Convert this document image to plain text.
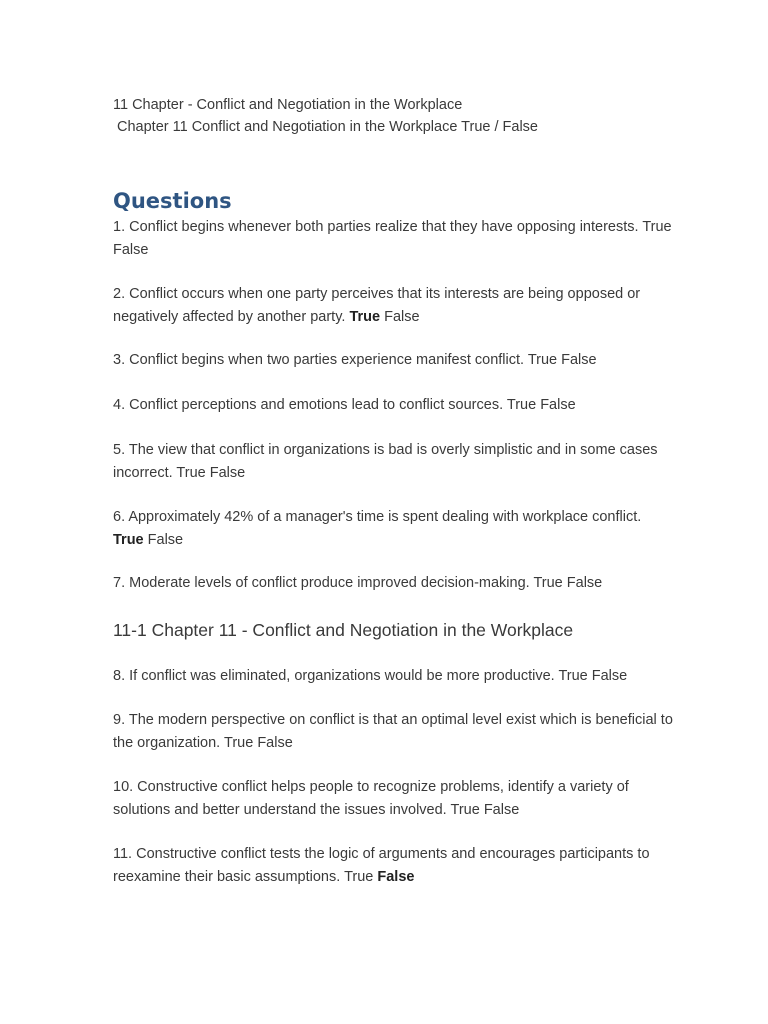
11 Chapter - Conflict and Negotiation in the Workplace
Chapter 11 Conflict and Negotiation in the Workplace True / False
Questions
1. Conflict begins whenever both parties realize that they have opposing interests. True False
2. Conflict occurs when one party perceives that its interests are being opposed or negatively affected by another party. True False
3. Conflict begins when two parties experience manifest conflict. True False
4. Conflict perceptions and emotions lead to conflict sources. True False
5. The view that conflict in organizations is bad is overly simplistic and in some cases incorrect. True False
6. Approximately 42% of a manager's time is spent dealing with workplace conflict. True False
7. Moderate levels of conflict produce improved decision-making. True False
11-1 Chapter 11 - Conflict and Negotiation in the Workplace
8. If conflict was eliminated, organizations would be more productive. True False
9. The modern perspective on conflict is that an optimal level exist which is beneficial to the organization. True False
10. Constructive conflict helps people to recognize problems, identify a variety of solutions and better understand the issues involved. True False
11. Constructive conflict tests the logic of arguments and encourages participants to reexamine their basic assumptions. True False
